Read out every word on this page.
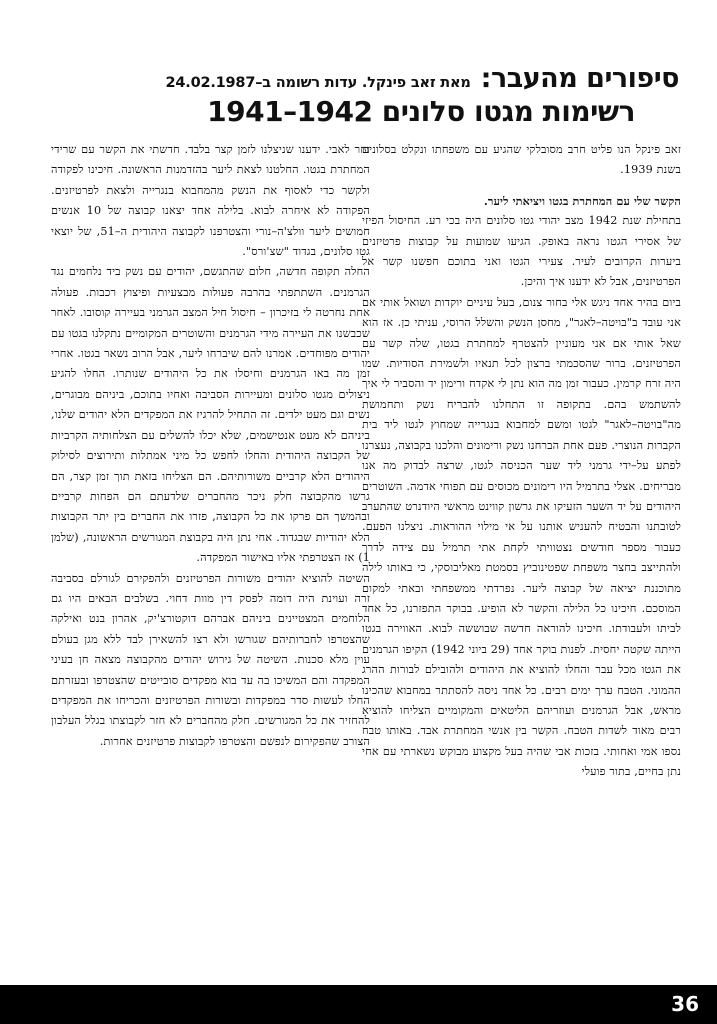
סיפורים מהעבר:
מאת זאב פינקל. עדות רשומה ב–24.02.1987
רשימות מגטו סלונים 1942–1941

זאב פינקל הנו פליט חרב מסובלקי שהגיע עם משפחתו ונקלט בסלונים בשנת 1939.

הקשר שלי עם המחתרת בגטו ויציאתי ליער.

בתחילת שנת 1942 מצב יהודי גטו סלונים היה בכי רע. החיסול הפיזי של אסירי הגטו נראה באופק. הגיעו שמועות על קבוצות פרטיזנים ביערות הקרובים לעיר. צעירי הגטו ואני בתוכם חפשנו קשר אל הפרטיזנים, אבל לא ידענו איך והיכן.

ביום בהיר אחד ניגש אלי בחור צנום, בעל עיניים יוקדות ושואל אותי אם אני עובד ב"בויטה–לאגר", מחסן הנשק והשלל הרוסי, עניתי כן. אז הוא שאל אותי אם אני מעוניין להצטרף למחתרת בגטו, שלה קשר עם הפרטיזנים. ברור שהסכמתי ברצון לכל תנאיו ולשמירת הסודיות. שמו היה זרח קרמין. כעבור זמן מה הוא נתן לי אקדח ורימון יד והסביר לי איך להשתמש בהם. בתקופה זו התחלנו להבריח נשק ותחמושת מה"בויטה–לאגר" לגטו ומשם למחבוא בנגרייה שמחוץ לגטו ליד בית הקברות הנוצרי. פעם אחת הברחנו נשק ורימונים והלכנו בקבוצה, נעצרנו לפתע על–ידי גרמני ליד שער הכניסה לגטו, שרצה לבדוק מה אנו מבריחים. אצלי בתרמיל היו רימונים מכוסים עם תפוחי אדמה. השוטרים היהודים על יד השער הזעיקו את גרשון קווינט מראשי היודנרט שהתערב לטובתנו והבטיח להעניש אותנו על אי מילוי ההוראות. ניצלנו הפעם. כעבור מספר חודשים נצטוויתי לקחת אתי תרמיל עם צידה לדרך ולהתייצב בחצר משפחת שפטינוביץ בסמטת מאליבוסקי, כי באותו לילה מתוכננת יציאה של קבוצה ליער. נפרדתי ממשפחתי ובאתי למקום המוסכם. חיכינו כל הלילה והקשר לא הופיע. בבוקר התפזרנו, כל אחד לביתו ולעבודתו. חיכינו להוראה חדשה שבוששה לבוא. האווירה בגטו הייתה שקטה יחסית. לפנות בוקר אחד (29 ביוני 1942) הקיפו הגרמנים את הגטו מכל עבר והחלו להוציא את היהודים ולהובילם לבורות ההרג ההמוני. הטבח ערך ימים רבים. כל אחד ניסה להסתתר במחבוא שהכינו מראש, אבל הגרמנים ועוזריהם הליטאים והמקומיים הצליחו להוציא רבים מאוד לשדות הטבח. הקשר בין אנשי המחתרת אבד. באותו טבח נספו אמי ואחותי. בזכות אבי שהיה בעל מקצוע מבוקש נשארתי עם אחי נתן בחיים, בתור פועלי

עזר לאבי. ידענו שניצלנו לזמן קצר בלבד. חדשתי את הקשר עם שרידי המחתרת בגטו. החלטנו לצאת ליער בהזדמנות הראשונה. חיכינו לפקודה ולקשר כדי לאסוף את הנשק מהמחבוא בנגרייה ולצאת לפרטיזנים. הפקודה לא איחרה לבוא. בלילה אחד יצאנו קבוצה של 10 אנשים חמושים ליער וולצ'ה–נורי והצטרפנו לקבוצה היהודית ה–51, של יוצאי גטו סלונים, בגדוד "שצ'ורס".

החלה תקופה חדשה, חלום שהתגשם, יהודים עם נשק ביד נלחמים נגד הגרמנים. השתתפתי בהרבה פעולות מבצעיות ופיצוץ רכבות. פעולה אחת נחרטה לי בזיכרון – חיסול חיל המצב הגרמני בעיירה קוסובו. לאחר שכבשנו את העיירה מידי הגרמנים והשוטרים המקומיים נתקלנו בגטו עם יהודים מפוחדים. אמרנו להם שיברחו ליער, אבל הרוב נשאר בגטו. אחרי זמן מה באו הגרמנים וחיסלו את כל היהודים שנותרו. החלו להגיע ניצולים מגטו סלונים ומעיירות הסביבה ואחיו בתוכם, ביניהם מבוגרים, נשים וגם מעט ילדים. זה התחיל להרגיז את המפקדים הלא יהודים שלנו, ביניהם לא מעט אנטישמים, שלא יכלו להשלים עם הצלחותיה הקרביות של הקבוצה היהודית והחלו לחפש כל מיני אמתלות ותירוצים לסילוק היהודים הלא קרביים משורותיהם. הם הצליחו בזאת תוך זמן קצר, הם גרשו מהקבוצה חלק ניכר מהחברים שלדעתם הם הפחות קרביים ובהמשך הם פרקו את כל הקבוצה, פזרו את החברים בין יתר הקבוצות הלא יהודיות שבגדוד. אחי נתן היה בקבוצת המגורשים הראשונה, (שלמן 1) אז הצטרפתי אליו באישור המפקדה.

השיטה להוציא יהודים משורות הפרטיזנים ולהפקירם לגורלם בסביבה זרה ועוינת היה דומה לפסק דין מוות דחוי. בשלבים הבאים היו גם הלוחמים המצטיינים ביניהם אברהם דוקטורצ'יק, אהרון בנט ואילקה שהצטרפו לחברותיהם שגורשו ולא רצו להשאירן לבד ללא מגן בעולם עוין מלא סכנות. השיטה של גירוש יהודים מהקבוצה מצאה חן בעיני המפקדה והם המשיכו בה עד בוא מפקדים סובייטים שהצטרפו ובעזרתם החלו לעשות סדר במפקדות ובשורות הפרטיזנים והכריחו את המפקדים להחזיר את כל המגורשים. חלק מהחברים לא חזר לקבוצתו בגלל העלבון הצורב שהפקירום לנפשם והצטרפו לקבוצות פרטיזנים אחרות.

36
